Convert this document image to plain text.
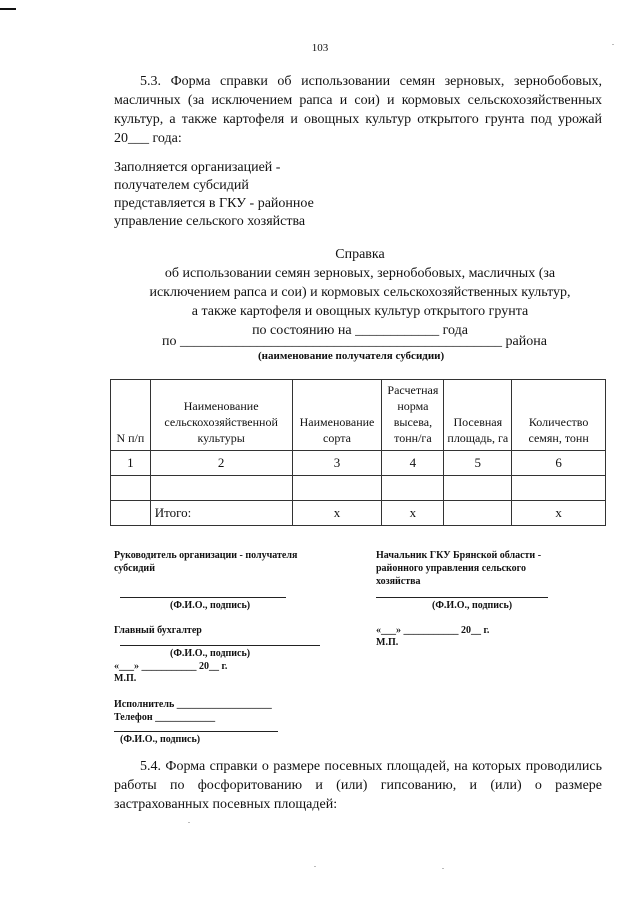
103
5.3. Форма справки об использовании семян зерновых, зернобобовых, масличных (за исключением рапса и сои) и кормовых сельскохозяйственных культур, а также картофеля и овощных культур открытого грунта под урожай 20___ года:
Заполняется организацией -
получателем субсидий
представляется в ГКУ - районное
управление сельского хозяйства
Справка
об использовании семян зерновых, зернобобовых, масличных (за
исключением рапса и сои) и кормовых сельскохозяйственных культур,
а также картофеля и овощных культур открытого грунта
по состоянию на ____________ года
по ______________________________________________ района
(наименование получателя субсидии)
N п/п	Наименование сельскохозяйственной культуры	Наименование сорта	Расчетная норма высева, тонн/га	Посевная площадь, га	Количество семян, тонн
1	2	3	4	5	6

	Итого:	х	х		х
Руководитель организации - получателя субсидий
(Ф.И.О., подпись)
Главный бухгалтер
(Ф.И.О., подпись)
«___» ___________ 20__ г.
М.П.
Исполнитель ___________________
Телефон ____________
(Ф.И.О., подпись)
Начальник ГКУ Брянской области - районного управления сельского хозяйства
(Ф.И.О., подпись)
«___» ___________ 20__ г.
М.П.
5.4. Форма справки о размере посевных площадей, на которых проводились работы по фосфоритованию и (или) гипсованию, и (или) о размере застрахованных посевных площадей:
